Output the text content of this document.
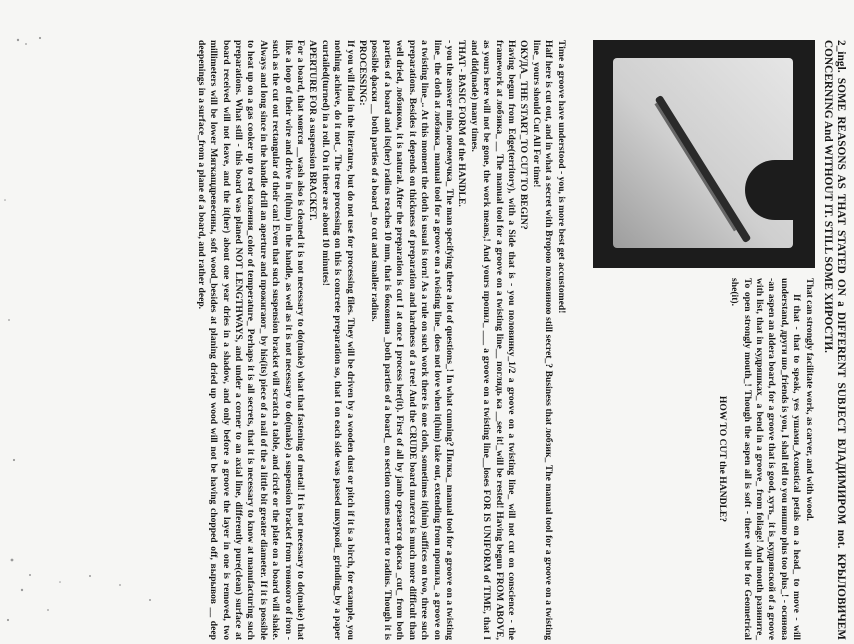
2_ingl. SOME REASONS AS THAT STATED ON a DIFFERENT SUBJECT ВЛАДИМИРОМ not. КРЫЛОВИЧЕМ CONCERNING And WITHOUT IT. STILL SOME ХИРОСТИ.

That can strongly facilitate work, as carver, and with wood.

If that - that to speak, yes ушами_Acoustical petals on a head_ to move - will understand, други шо_friends is you, I shall tell to you нишпо plus too plus_! - осинова -an aspen an aldera board, for a groove that is good, хуть_ it is_кудрявской of a groove with list, that in кудряшках_ a bend in a groove_ from foliage! And mouth разините_ To open strongly mouth_! Though the aspen all is soft - there will be for Geometrical she(it).

HOW TO CUT the HANDLE?

Time a groove have understood - you, is more best get accustomed!

Half here is cut out, and in what a secret with Второю половиною still secret_? Business that лобзик_ The manual tool for a groove on a twisting line_ yours should Cut All For time!

ОКУДА_ THE START_TO CUT TO BEGIN?

Having begun from Edge(territory), with a Side that is - you половинку_1/2 a groove on a twisting line_ will not cut on conscience - the framework at лобзика_ __ The manual tool for a groove on a twisting line__ поглядь ка __see it!_will be rested! Having begun FROM ABOVE, as yours here will not be gone, the work means,! And yours пропил_ ___ a groove on a twisting line__loses FOR IS UNIFORM of TIME, that I and did(made) many times.

THAT - BASIC FORM of the HANDLE.

- you the answer mine, почемучка_ The man specifying there a lot of questions_! In what cunning? Пилка_ manual tool for a groove on a twisting line_ the cloth at лобзика_ manual tool for a groove on a twisting line_ does not love when it(him) take out, extending from пропила_ a groove on a twisting line_.. At this moment the cloth is usual is torn! As a rule on such work there is one cloth, sometimes it(him) suffices on two, three such preparations. Besides it depends on thickness of preparation and hardness of a tree! And the CRUDE board пилется is much more difficult than well dried, лобзиком, it is natural. After the preparation is cut I at once I process her(it). First of all by jamb срезается фаска _cut_ from both parties of a board and its(her) radius reaches 10 mm, that is боковина _both parties of a board_ on section comes nearer to radius. Though it is possible фаски __ both parties of a board _to cut and smaller radius.

PROCESSING:

If you will find in the literature, but do not use for processing files. They will be driven by a wooden dust or pitch if it is a birch, for example, you nothing achieve, do it not_. The tree processing on this is concrete preparation so, that I on each side was passed шкуркой_ grinding_by a paper curtailed(turned) in a roll. On it there are about 10 minutes!

APERTURE FOR a suspension BRACKET.

For a board, that мовтся __wash also is cleaned it is not necessary to do(make) what that fastening of metal! It is not necessary to do(make) that like a loop of their wire and drive in it(him) in the handle, as well as it is not necessary to do(make) a suspension bracket from тонокого of iron - such as the cut out rectangular of their can! Even that such suspension bracket will scratch a table, and circle or the plate on a board will shake. Always and long since in the handle drill an aperture and прожигают_ by his(its) piece of a nail of the a little bit greater diameter. If it is possible to heat up on a gas cooker up to red каления_color of temperature_ Perhaps it is all secrets, that it is necessary to know at manufacturing such preparations. What still - this board was planed NOT LENGTHWAYS, and under a corner to an axial line, differently pure(clean) surface at board received will not leave, and the it(her) about one year dries in a shadow, and only before a groove the layer in one is removed, two millimeters will be lower Мягкащдревесины, soft wood_besides at planing dried up wood will not be having chopped off, вырывов __ deep deepenings in a surface_from a plane of a board, and rather deep.
